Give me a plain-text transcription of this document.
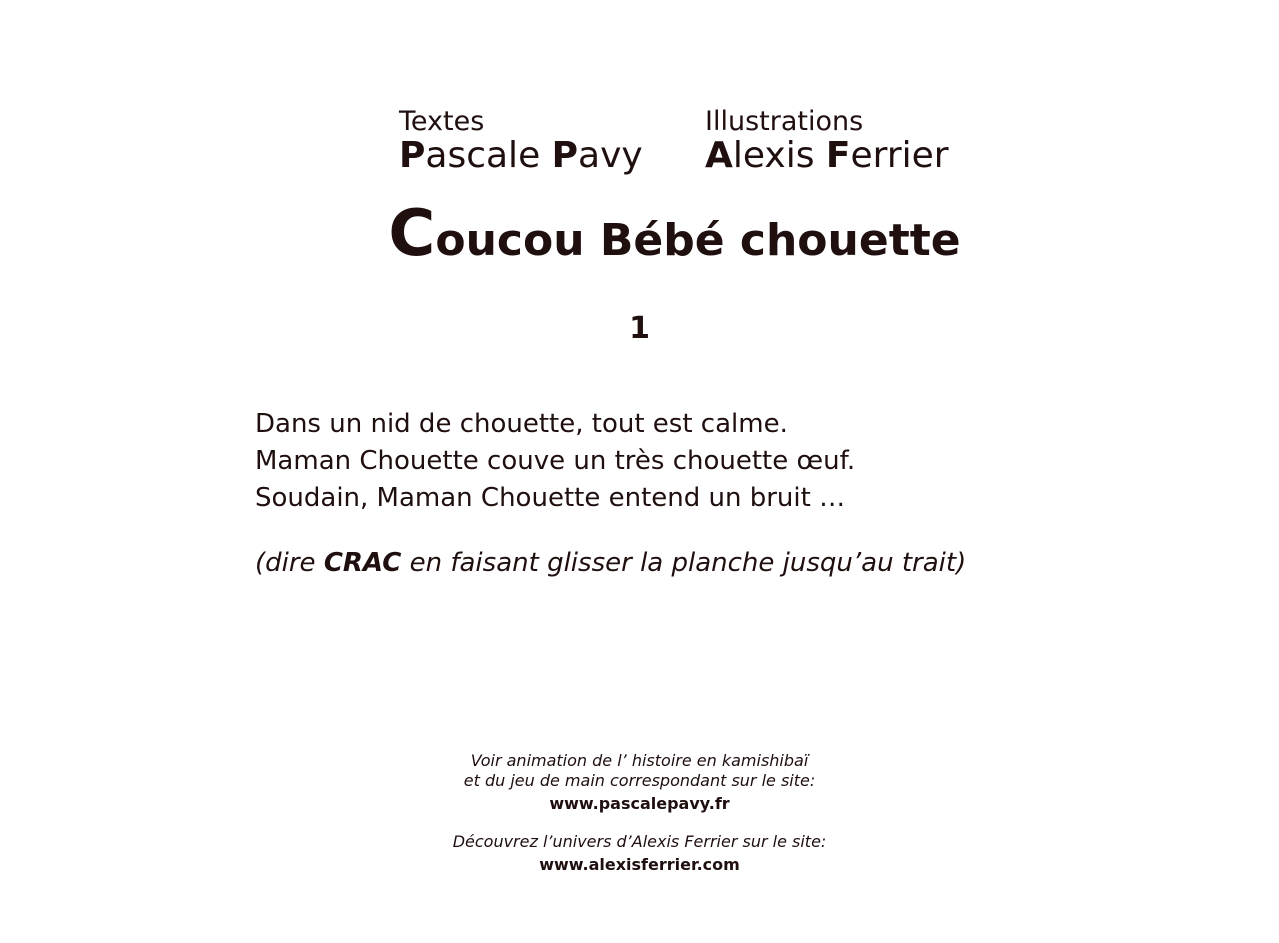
Textes
Pascale Pavy
Illustrations
Alexis Ferrier
Coucou Bébé chouette
1
Dans un nid de chouette, tout est calme.
Maman Chouette couve un très chouette œuf.
Soudain, Maman Chouette entend un bruit …
(dire CRAC en faisant glisser la planche jusqu’au trait)
Voir animation de l’ histoire en kamishibaï
et du jeu de main correspondant sur le site:
www.pascalepavy.fr
Découvrez l’univers d’Alexis Ferrier sur le site:
www.alexisferrier.com
